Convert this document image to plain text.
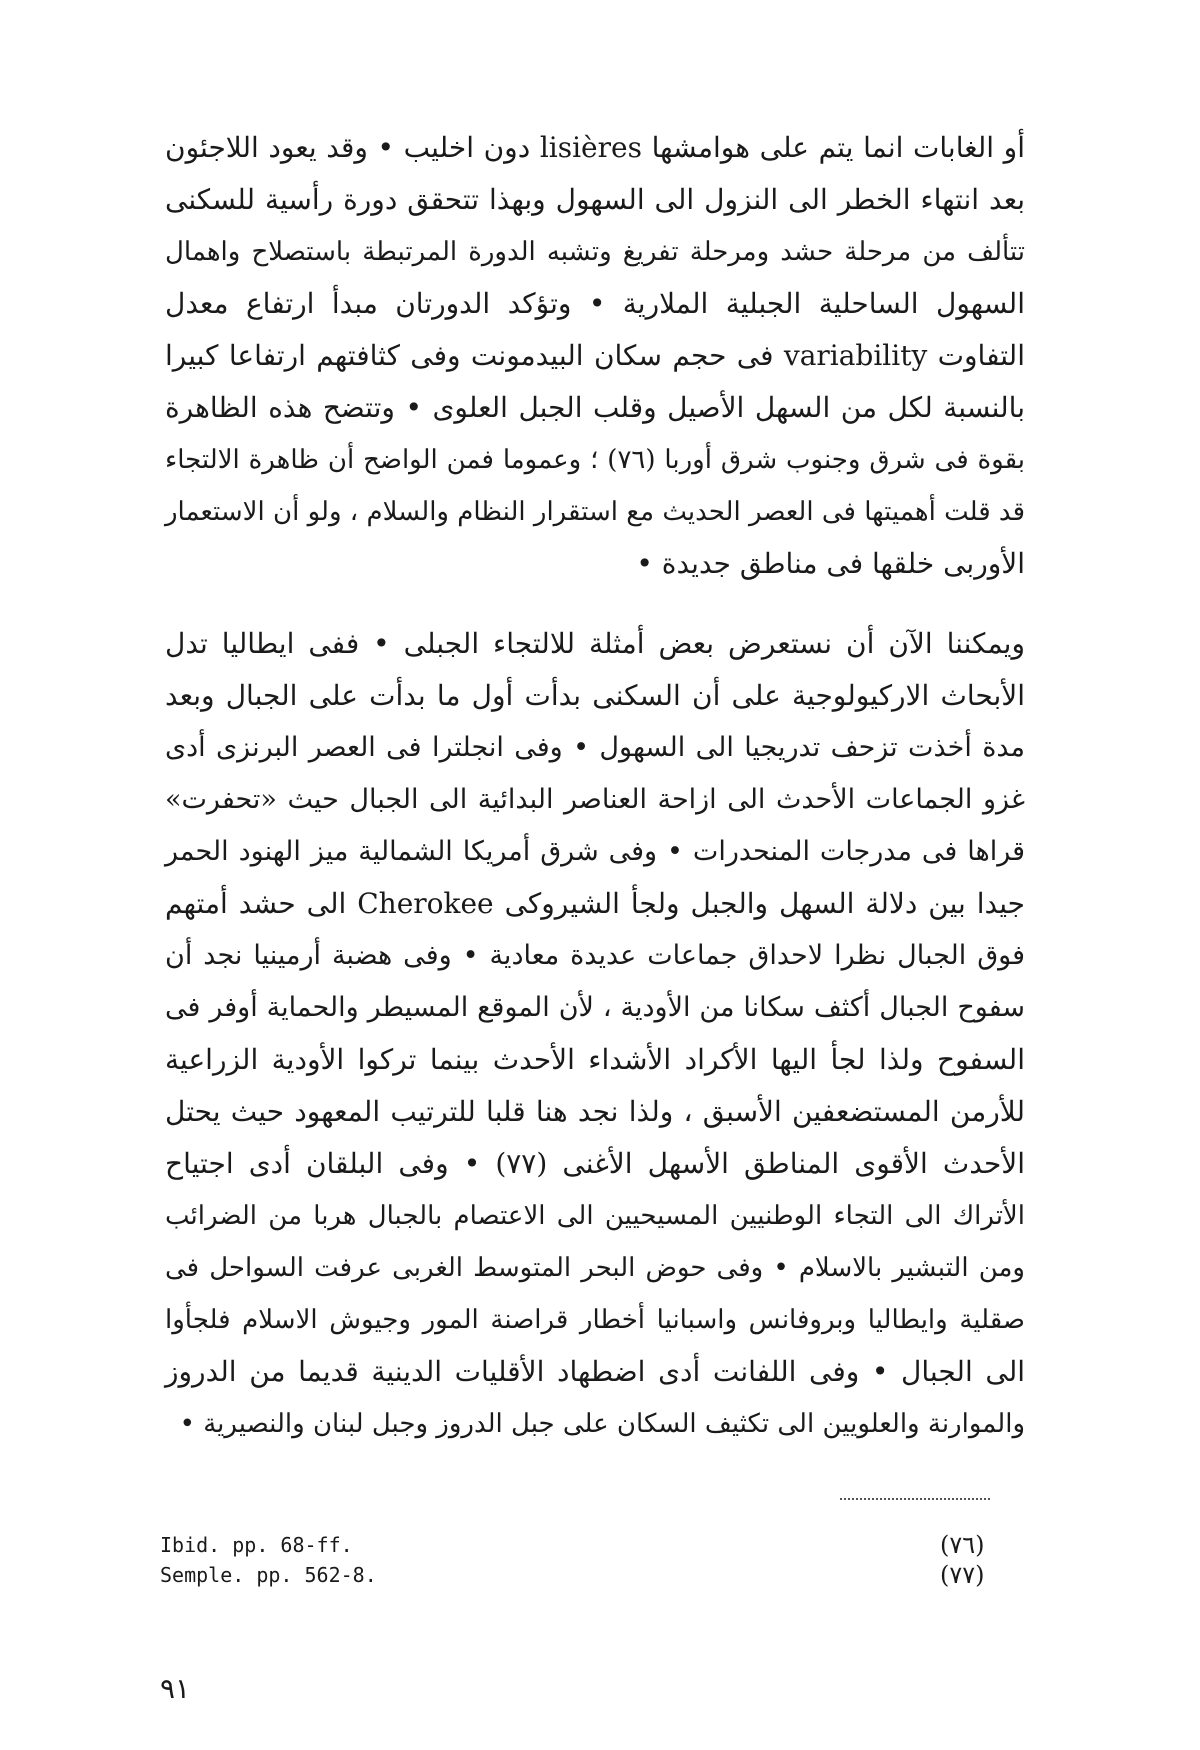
أو الغابات انما يتم على هوامشها lisières دون اخليب • وقد يعود اللاجئون
بعد انتهاء الخطر الى النزول الى السهول وبهذا تتحقق دورة رأسية للسكنى
تتألف من مرحلة حشد ومرحلة تفريغ وتشبه الدورة المرتبطة باستصلاح واهمال
السهول الساحلية الجبلية الملارية • وتؤكد الدورتان مبدأ ارتفاع معدل
التفاوت variability فى حجم سكان البيدمونت وفى كثافتهم ارتفاعا كبيرا
بالنسبة لكل من السهل الأصيل وقلب الجبل العلوى • وتتضح هذه الظاهرة
بقوة فى شرق وجنوب شرق أوربا (٧٦) ؛ وعموما فمن الواضح أن ظاهرة الالتجاء
قد قلت أهميتها فى العصر الحديث مع استقرار النظام والسلام ، ولو أن الاستعمار
الأوربى خلقها فى مناطق جديدة •
ويمكننا الآن أن نستعرض بعض أمثلة للالتجاء الجبلى • ففى ايطاليا تدل
الأبحاث الاركيولوجية على أن السكنى بدأت أول ما بدأت على الجبال وبعد
مدة أخذت تزحف تدريجيا الى السهول • وفى انجلترا فى العصر البرنزى أدى
غزو الجماعات الأحدث الى ازاحة العناصر البدائية الى الجبال حيث «تحفرت»
قراها فى مدرجات المنحدرات • وفى شرق أمريكا الشمالية ميز الهنود الحمر
جيدا بين دلالة السهل والجبل ولجأ الشيروكى Cherokee الى حشد أمتهم
فوق الجبال نظرا لاحداق جماعات عديدة معادية • وفى هضبة أرمينيا نجد أن
سفوح الجبال أكثف سكانا من الأودية ، لأن الموقع المسيطر والحماية أوفر فى
السفوح ولذا لجأ اليها الأكراد الأشداء الأحدث بينما تركوا الأودية الزراعية
للأرمن المستضعفين الأسبق ، ولذا نجد هنا قلبا للترتيب المعهود حيث يحتل
الأحدث الأقوى المناطق الأسهل الأغنى (٧٧) • وفى البلقان أدى اجتياح
الأتراك الى التجاء الوطنيين المسيحيين الى الاعتصام بالجبال هربا من الضرائب
ومن التبشير بالاسلام • وفى حوض البحر المتوسط الغربى عرفت السواحل فى
صقلية وايطاليا وبروفانس واسبانيا أخطار قراصنة المور وجيوش الاسلام فلجأوا
الى الجبال • وفى اللفانت أدى اضطهاد الأقليات الدينية قديما من الدروز
والموارنة والعلويين الى تكثيف السكان على جبل الدروز وجبل لبنان والنصيرية •
Ibid. pp. 68-ff.
Semple. pp. 562-8.
(٧٦)
(٧٧)
٩١
